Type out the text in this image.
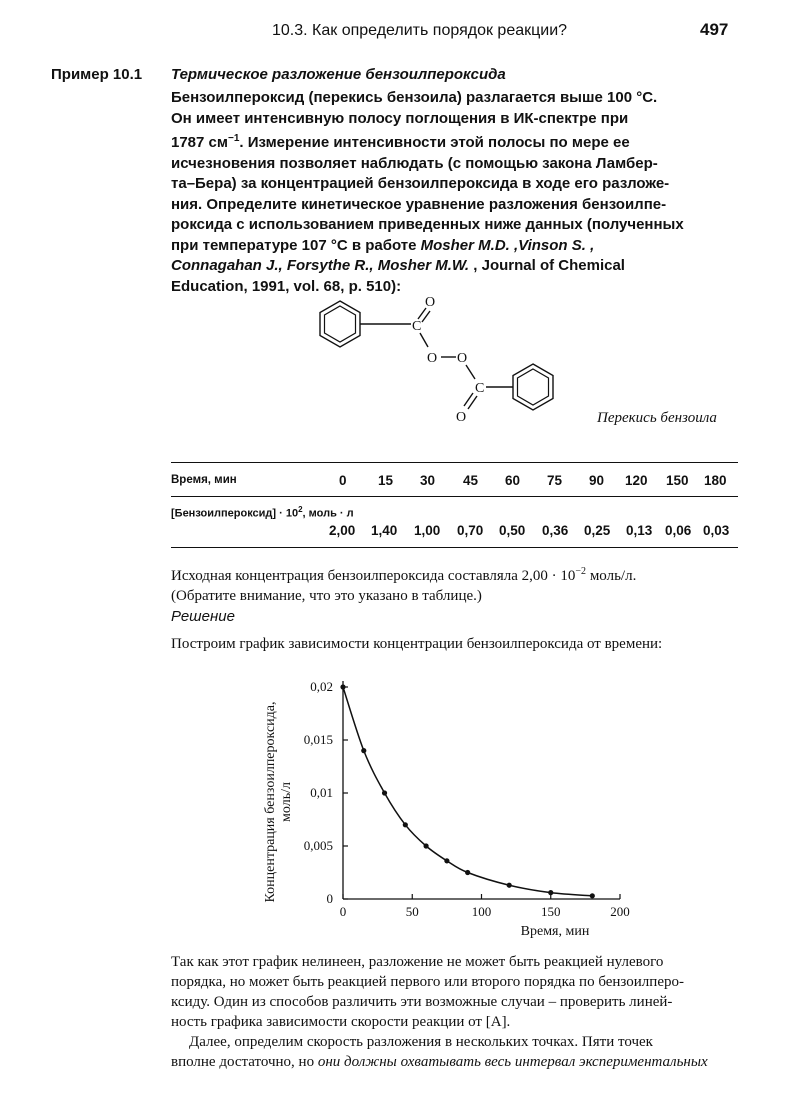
10.3. Как определить порядок реакции?	497
Пример 10.1 Термическое разложение бензоилпероксида
Бензоилпероксид (перекись бензоила) разлагается выше 100 °С.
Он имеет интенсивную полосу поглощения в ИК-спектре при
1787 $см^{-1}$. Измерение интенсивности этой полосы по мере ее
исчезновения позволяет наблюдать (с помощью закона Ламбер-
та–Бера) за концентрацией бензоилпероксида в ходе его разложе-
ния. Определите кинетическое уравнение разложения бензоилпе-
роксида с использованием приведенных ниже данных (полученных
при температуре 107 °С в работе Mosher M.D. ,Vinson S. ,
Connagahan J., Forsythe R., Mosher M.W. , Journal of Chemical
Education, 1991, vol. 68, p. 510):
O
C
O O
C
O	Перекись бензоила
Время, мин	0 15 30 45 60 75 90 120 150 180
[Бензоилпероксид] · $10^2$, моль · л
2,00 1,40 1,00 0,70 0,50 0,36 0,25 0,13 0,06 0,03
Исходная концентрация бензоилпероксида составляла $2,00 \cdot 10^{-2}$ моль/л.
(Обратите внимание, что это указано в таблице.)
Решение
Построим график зависимости концентрации бензоилпероксида от времени:
0	50	100	150	200
0
0,005
0,01
0,015
0,02
Время, мин
Концентрация бензоилпероксида, моль/л
Так как этот график нелинеен, разложение не может быть реакцией нулевого
порядка, но может быть реакцией первого или второго порядка по бензоилперо-
ксиду. Один из способов различить эти возможные случаи – проверить линей-
ность графика зависимости скорости реакции от [A].
Далее, определим скорость разложения в нескольких точках. Пяти точек
вполне достаточно, но они должны охватывать весь интервал экспериментальных
